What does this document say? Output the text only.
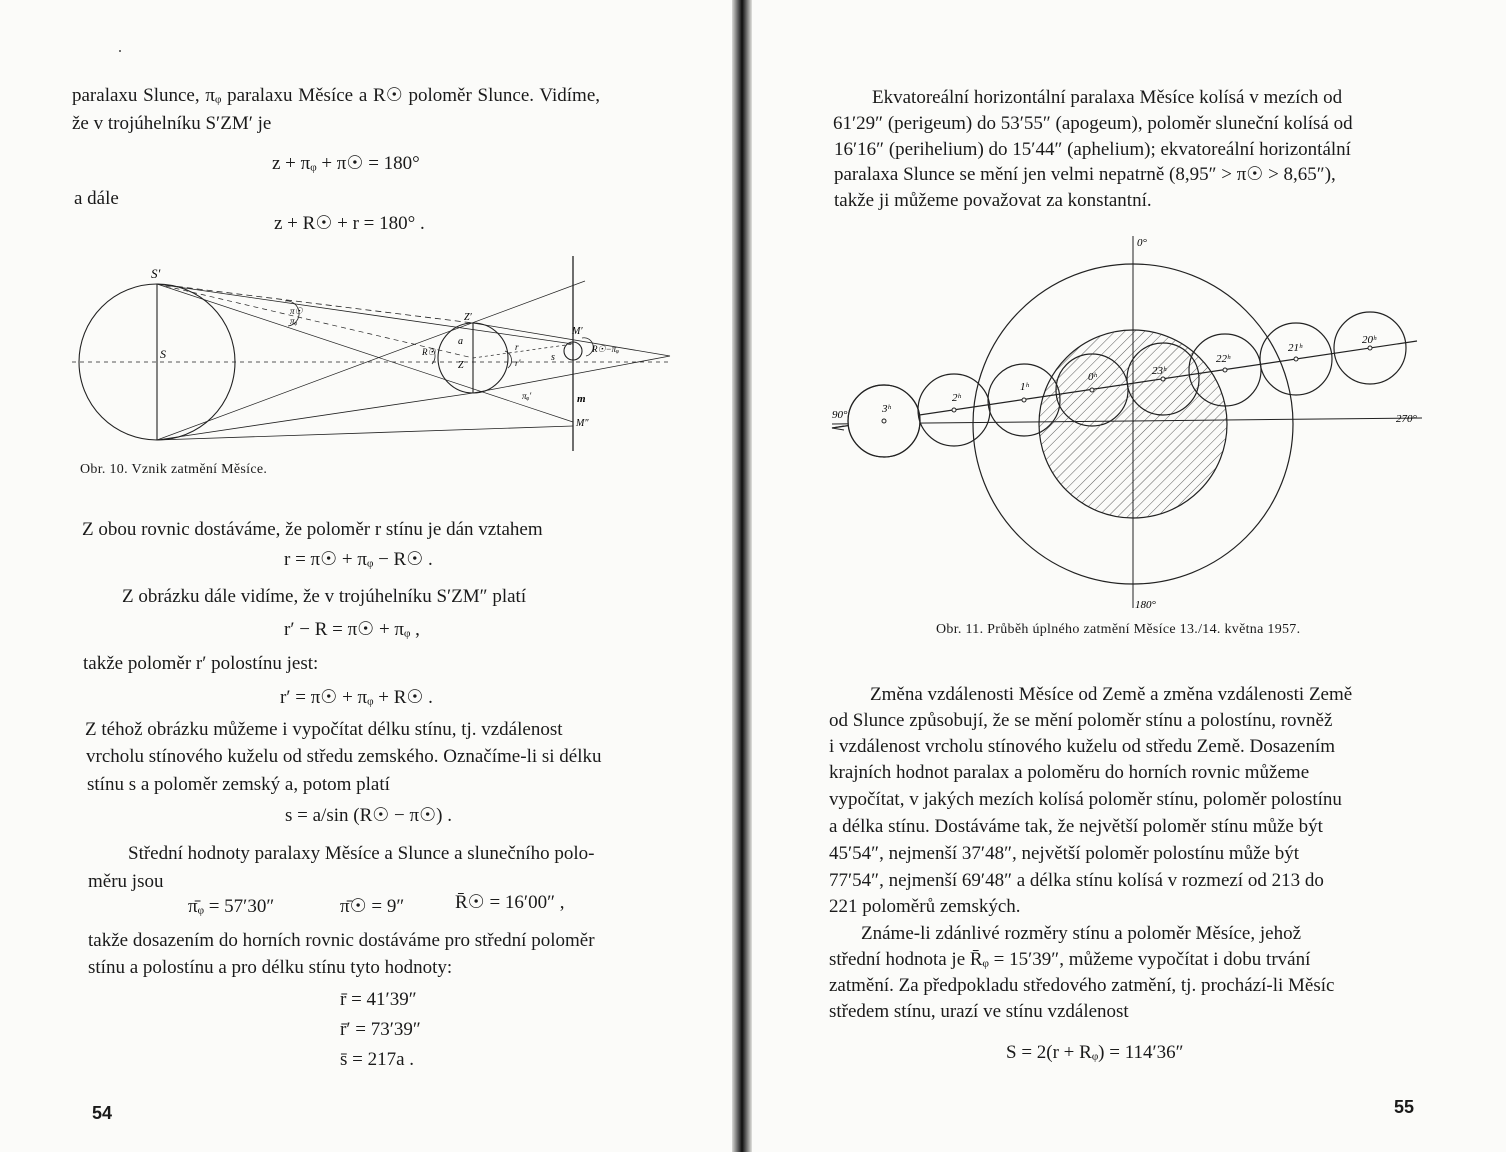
paralaxu Slunce, πᵩ paralaxu Měsíce a R☉ poloměr Slunce. Vidíme,
že v trojúhelníku S′ZM′ je
z + πᵩ + π☉ = 180°
a dále
z + R☉ + r = 180° .
S′
S
π☉
πᵩ	Z′
a
Z
R☉	r
r′	s
M′
R☉−πᵩ
πᵩ′	m
M″
Obr. 10. Vznik zatmění Měsíce.
Z obou rovnic dostáváme, že poloměr r stínu je dán vztahem
r = π☉ + πᵩ − R☉ .
Z obrázku dále vidíme, že v trojúhelníku S′ZM″ platí
r′ − R = π☉ + πᵩ ,
takže poloměr r′ polostínu jest:
r′ = π☉ + πᵩ + R☉ .
Z téhož obrázku můžeme i vypočítat délku stínu, tj. vzdálenost
vrcholu stínového kuželu od středu zemského. Označíme-li si délku
stínu s a poloměr zemský a, potom platí
s = a/sin (R☉ − π☉) .
Střední hodnoty paralaxy Měsíce a Slunce a slunečního polo-
měru jsou
π̄ᵩ = 57′30″	π̄☉ = 9″	R̄☉ = 16′00″ ,
takže dosazením do horních rovnic dostáváme pro střední poloměr
stínu a polostínu a pro délku stínu tyto hodnoty:
r̄ = 41′39″
r̄′ = 73′39″
s̄ = 217a .
54
Ekvatoreální horizontální paralaxa Měsíce kolísá v mezích od
61′29″ (perigeum) do 53′55″ (apogeum), poloměr sluneční kolísá od
16′16″ (perihelium) do 15′44″ (aphelium); ekvatoreální horizontální
paralaxa Slunce se mění jen velmi nepatrně (8,95″ > π☉ > 8,65″),
takže ji můžeme považovat za konstantní.
0°
180°
90°	270°
3ʰ
2ʰ
1ʰ
0ʰ	23ʰ
22ʰ
21ʰ
20ʰ
Obr. 11. Průběh úplného zatmění Měsíce 13./14. května 1957.
Změna vzdálenosti Měsíce od Země a změna vzdálenosti Země
od Slunce způsobují, že se mění poloměr stínu a polostínu, rovněž
i vzdálenost vrcholu stínového kuželu od středu Země. Dosazením
krajních hodnot paralax a poloměru do horních rovnic můžeme
vypočítat, v jakých mezích kolísá poloměr stínu, poloměr polostínu
a délka stínu. Dostáváme tak, že největší poloměr stínu může být
45′54″, nejmenší 37′48″, největší poloměr polostínu může být
77′54″, nejmenší 69′48″ a délka stínu kolísá v rozmezí od 213 do
221 poloměrů zemských.
Známe-li zdánlivé rozměry stínu a poloměr Měsíce, jehož
střední hodnota je R̄ᵩ = 15′39″, můžeme vypočítat i dobu trvání
zatmění. Za předpokladu středového zatmění, tj. prochází-li Měsíc
středem stínu, urazí ve stínu vzdálenost
S = 2(r + Rᵩ) = 114′36″
55
